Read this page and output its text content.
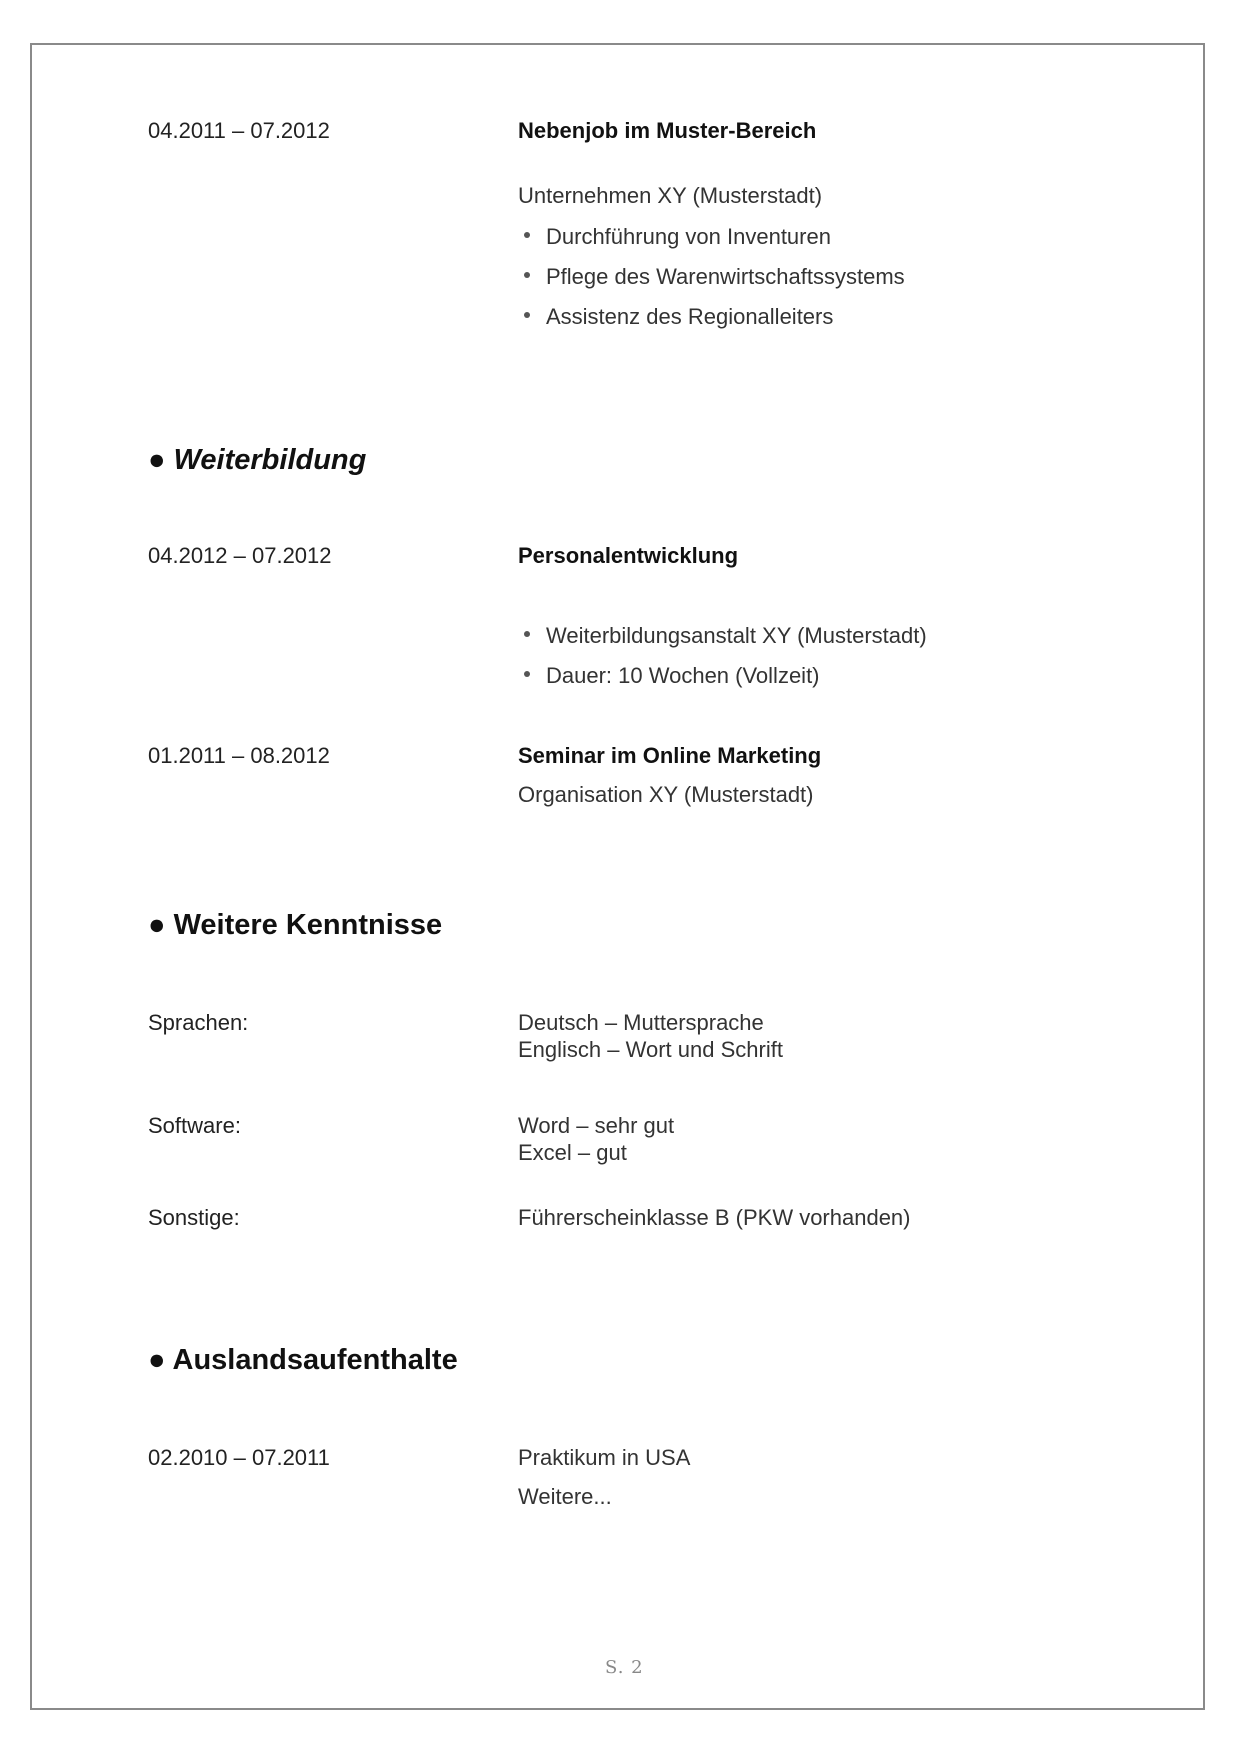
04.2011 – 07.2012	Nebenjob im Muster-Bereich
Unternehmen XY (Musterstadt)
Durchführung von Inventuren
Pflege des Warenwirtschaftssystems
Assistenz des Regionalleiters
● Weiterbildung
04.2012 – 07.2012	Personalentwicklung
Weiterbildungsanstalt XY (Musterstadt)
Dauer: 10 Wochen (Vollzeit)
01.2011 – 08.2012	Seminar im Online Marketing
Organisation XY (Musterstadt)
● Weitere Kenntnisse
Sprachen:	Deutsch – Muttersprache
Englisch – Wort und Schrift
Software:	Word – sehr gut
Excel – gut
Sonstige:	Führerscheinklasse B (PKW vorhanden)
● Auslandsaufenthalte
02.2010 – 07.2011	Praktikum in USA
Weitere...
S. 2
